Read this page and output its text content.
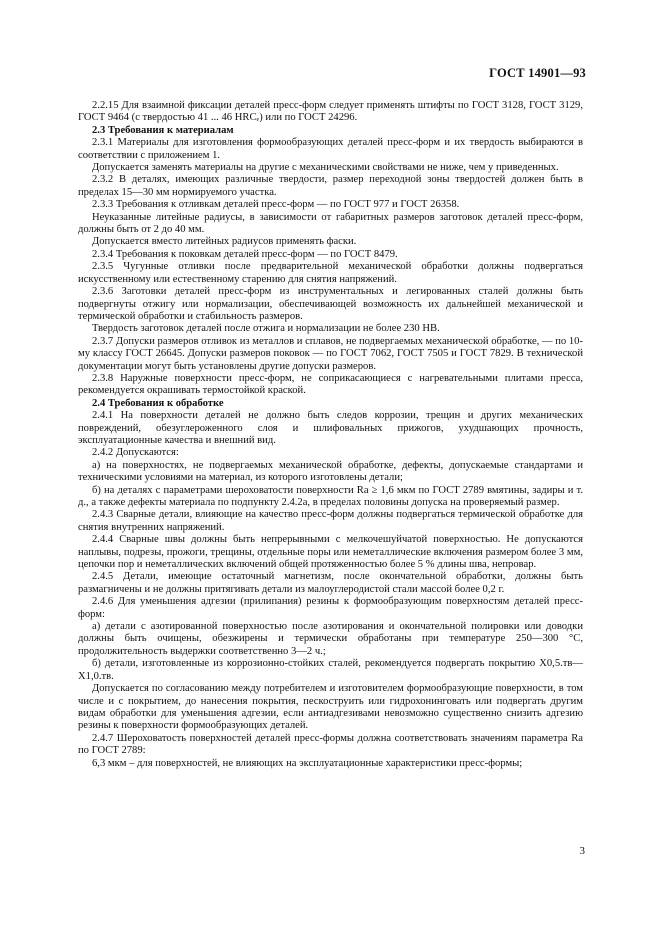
ГОСТ 14901—93

2.2.15 Для взаимной фиксации деталей пресс-форм следует применять штифты по ГОСТ 3128, ГОСТ 3129, ГОСТ 9464 (с твердостью 41 ... 46 HRCₑ) или по ГОСТ 24296.

2.3 Требования к материалам

2.3.1 Материалы для изготовления формообразующих деталей пресс-форм и их твердость выбираются в соответствии с приложением 1.

Допускается заменять материалы на другие с механическими свойствами не ниже, чем у приведенных.

2.3.2 В деталях, имеющих различные твердости, размер переходной зоны твердостей должен быть в пределах 15—30 мм нормируемого участка.

2.3.3 Требования к отливкам деталей пресс-форм — по ГОСТ 977 и ГОСТ 26358.

Неуказанные литейные радиусы, в зависимости от габаритных размеров заготовок деталей пресс-форм, должны быть от 2 до 40 мм.

Допускается вместо литейных радиусов применять фаски.

2.3.4 Требования к поковкам деталей пресс-форм — по ГОСТ 8479.

2.3.5 Чугунные отливки после предварительной механической обработки должны подвергаться искусственному или естественному старению для снятия напряжений.

2.3.6 Заготовки деталей пресс-форм из инструментальных и легированных сталей должны быть подвергнуты отжигу или нормализации, обеспечивающей возможность их дальнейшей механической и термической обработки и стабильность размеров.

Твердость заготовок деталей после отжига и нормализации не более 230 HB.

2.3.7 Допуски размеров отливок из металлов и сплавов, не подвергаемых механической обработке, — по 10-му классу ГОСТ 26645. Допуски размеров поковок — по ГОСТ 7062, ГОСТ 7505 и ГОСТ 7829. В технической документации могут быть установлены другие допуски размеров.

2.3.8 Наружные поверхности пресс-форм, не соприкасающиеся с нагревательными плитами пресса, рекомендуется окрашивать термостойкой краской.

2.4 Требования к обработке

2.4.1 На поверхности деталей не должно быть следов коррозии, трещин и других механических повреждений, обезуглероженного слоя и шлифовальных прижогов, ухудшающих прочность, эксплуатационные качества и внешний вид.

2.4.2 Допускаются:

а) на поверхностях, не подвергаемых механической обработке, дефекты, допускаемые стандартами и техническими условиями на материал, из которого изготовлены детали;

б) на деталях с параметрами шероховатости поверхности Ra ≥ 1,6 мкм по ГОСТ 2789 вмятины, задиры и т. д., а также дефекты материала по подпункту 2.4.2а, в пределах половины допуска на проверяемый размер.

2.4.3 Сварные детали, влияющие на качество пресс-форм должны подвергаться термической обработке для снятия внутренних напряжений.

2.4.4 Сварные швы должны быть непрерывными с мелкочешуйчатой поверхностью. Не допускаются наплывы, подрезы, прожоги, трещины, отдельные поры или неметаллические включения размером более 3 мм, цепочки пор и неметаллических включений общей протяженностью более 5 % длины шва, непровар.

2.4.5 Детали, имеющие остаточный магнетизм, после окончательной обработки, должны быть размагничены и не должны притягивать детали из малоуглеродистой стали массой более 0,2 г.

2.4.6 Для уменьшения адгезии (прилипания) резины к формообразующим поверхностям деталей пресс-форм:

а) детали с азотированной поверхностью после азотирования и окончательной полировки или доводки должны быть очищены, обезжирены и термически обработаны при температуре 250—300 °С, продолжительность выдержки соответственно 3—2 ч.;

б) детали, изготовленные из коррозионно-стойких сталей, рекомендуется подвергать покрытию Х0,5.тв—Х1,0.тв.

Допускается по согласованию между потребителем и изготовителем формообразующие поверхности, в том числе и с покрытием, до нанесения покрытия, пескоструить или гидрохонинговать или подвергать другим видам обработки для уменьшения адгезии, если антиадгезивами невозможно существенно снизить адгезию резины к поверхности формообразующих деталей.

2.4.7 Шероховатость поверхностей деталей пресс-формы должна соответствовать значениям параметра Ra по ГОСТ 2789:

6,3 мкм – для поверхностей, не влияющих на эксплуатационные характеристики пресс-формы;

3
